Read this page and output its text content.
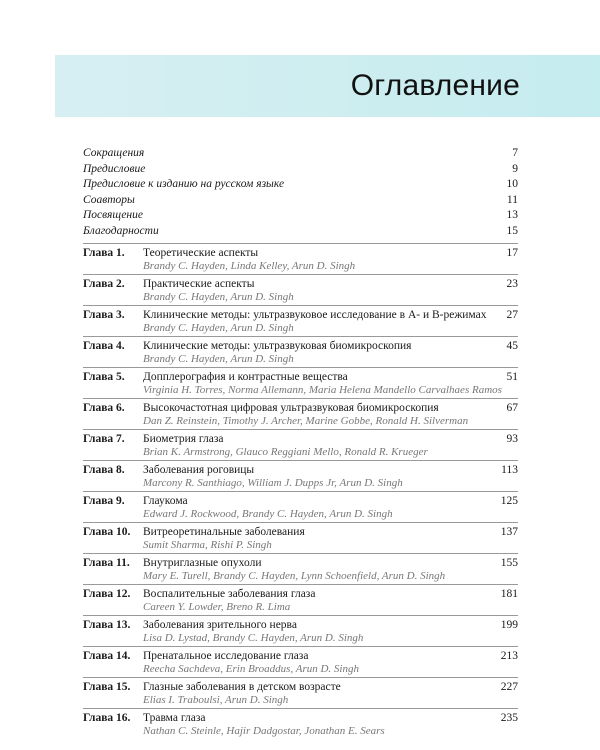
Оглавление
Сокращения	7
Предисловие	9
Предисловие к изданию на русском языке	10
Соавторы	11
Посвящение	13
Благодарности	15
Глава 1.	Теоретические аспекты	17
Brandy C. Hayden, Linda Kelley, Arun D. Singh
Глава 2.	Практические аспекты	23
Brandy C. Hayden, Arun D. Singh
Глава 3.	Клинические методы: ультразвуковое исследование в А- и В-режимах 27
Brandy C. Hayden, Arun D. Singh
Глава 4.	Клинические методы: ультразвуковая биомикроскопия	45
Brandy C. Hayden, Arun D. Singh
Глава 5.	Допплерография и контрастные вещества	51
Virginia H. Torres, Norma Allemann, Maria Helena Mandello Carvalhaes Ramos
Глава 6.	Высокочастотная цифровая ультразвуковая биомикроскопия	67
Dan Z. Reinstein, Timothy J. Archer, Marine Gobbe, Ronald H. Silverman
Глава 7.	Биометрия глаза	93
Brian K. Armstrong, Glauco Reggiani Mello, Ronald R. Krueger
Глава 8.	Заболевания роговицы	113
Marcony R. Santhiago, William J. Dupps Jr, Arun D. Singh
Глава 9.	Глаукома	125
Edward J. Rockwood, Brandy C. Hayden, Arun D. Singh
Глава 10.	Витреоретинальные заболевания	137
Sumit Sharma, Rishi P. Singh
Глава 11.	Внутриглазные опухоли	155
Mary E. Turell, Brandy C. Hayden, Lynn Schoenfield, Arun D. Singh
Глава 12.	Воспалительные заболевания глаза	181
Careen Y. Lowder, Breno R. Lima
Глава 13.	Заболевания зрительного нерва	199
Lisa D. Lystad, Brandy C. Hayden, Arun D. Singh
Глава 14.	Пренатальное исследование глаза	213
Reecha Sachdeva, Erin Broaddus, Arun D. Singh
Глава 15.	Глазные заболевания в детском возрасте	227
Elias I. Traboulsi, Arun D. Singh
Глава 16.	Травма глаза	235
Nathan C. Steinle, Hajir Dadgostar, Jonathan E. Sears
